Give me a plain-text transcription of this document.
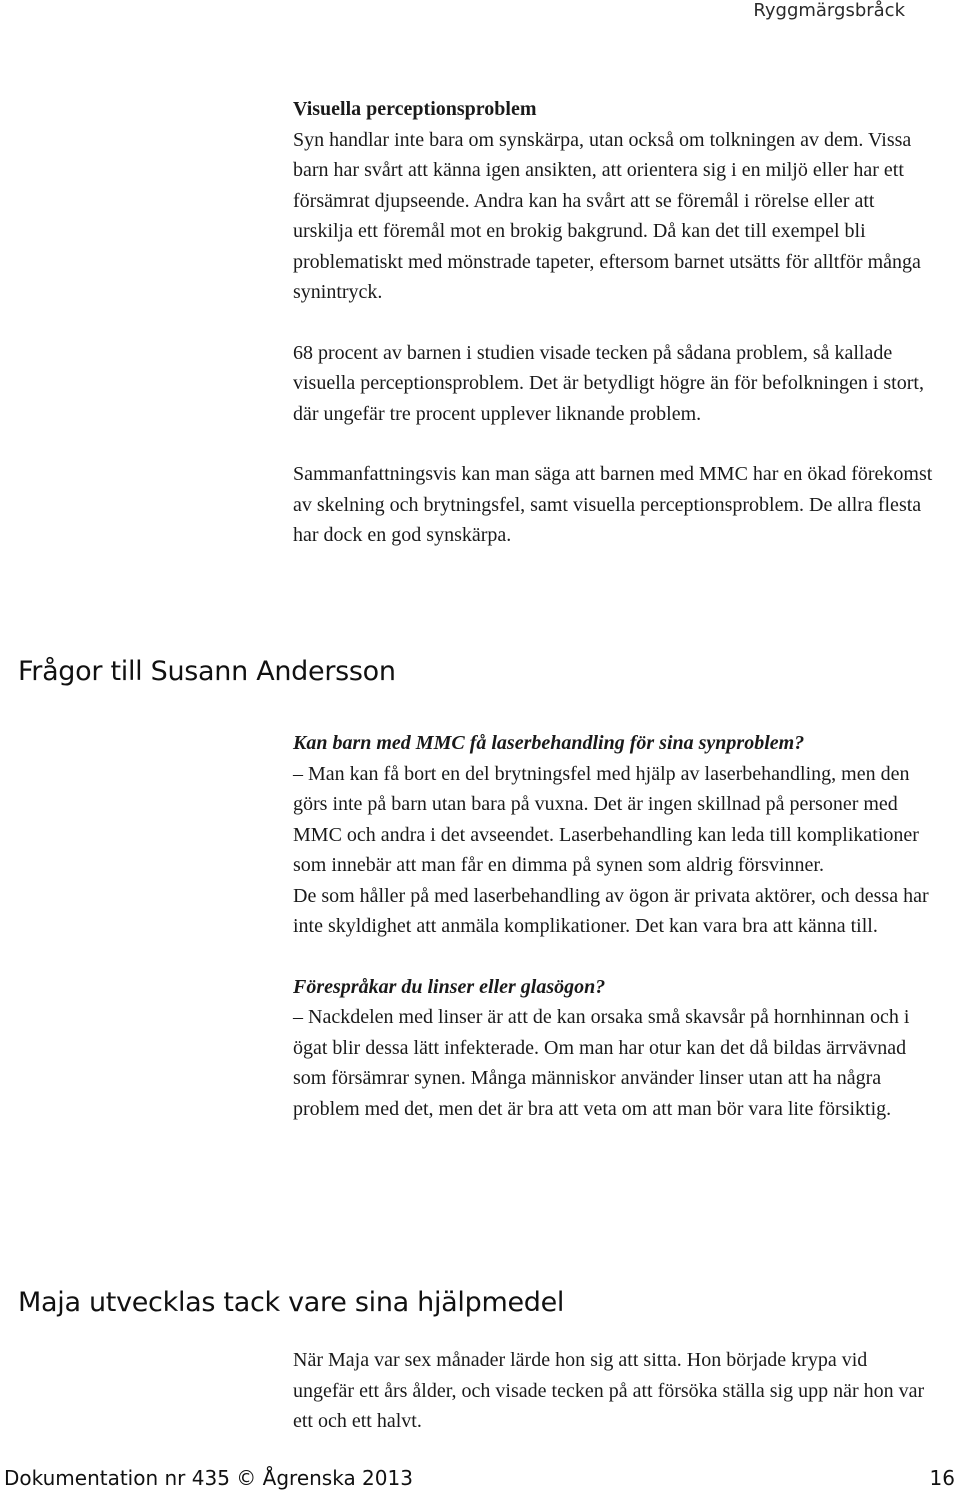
Ryggmärgsbråck

Visuella perceptionsproblem

Syn handlar inte bara om synskärpa, utan också om tolkningen av dem. Vissa barn har svårt att känna igen ansikten, att orientera sig i en miljö eller har ett försämrat djupseende. Andra kan ha svårt att se föremål i rörelse eller att urskilja ett föremål mot en brokig bakgrund. Då kan det till exempel bli problematiskt med mönstrade tapeter, eftersom barnet utsätts för alltför många synintryck.

68 procent av barnen i studien visade tecken på sådana problem, så kallade visuella perceptionsproblem. Det är betydligt högre än för befolkningen i stort, där ungefär tre procent upplever liknande problem.

Sammanfattningsvis kan man säga att barnen med MMC har en ökad förekomst av skelning och brytningsfel, samt visuella perceptionsproblem. De allra flesta har dock en god synskärpa.

Frågor till Susann Andersson

Kan barn med MMC få laserbehandling för sina synproblem?

– Man kan få bort en del brytningsfel med hjälp av laserbehandling, men den görs inte på barn utan bara på vuxna. Det är ingen skillnad på personer med MMC och andra i det avseendet. Laserbehandling kan leda till komplikationer som innebär att man får en dimma på synen som aldrig försvinner.

De som håller på med laserbehandling av ögon är privata aktörer, och dessa har inte skyldighet att anmäla komplikationer. Det kan vara bra att känna till.

Förespråkar du linser eller glasögon?

– Nackdelen med linser är att de kan orsaka små skavsår på hornhinnan och i ögat blir dessa lätt infekterade. Om man har otur kan det då bildas ärrvävnad som försämrar synen. Många människor använder linser utan att ha några problem med det, men det är bra att veta om att man bör vara lite försiktig.

Maja utvecklas tack vare sina hjälpmedel

När Maja var sex månader lärde hon sig att sitta. Hon började krypa vid ungefär ett års ålder, och visade tecken på att försöka ställa sig upp när hon var ett och ett halvt.

Dokumentation nr 435 © Ågrenska 2013	16
